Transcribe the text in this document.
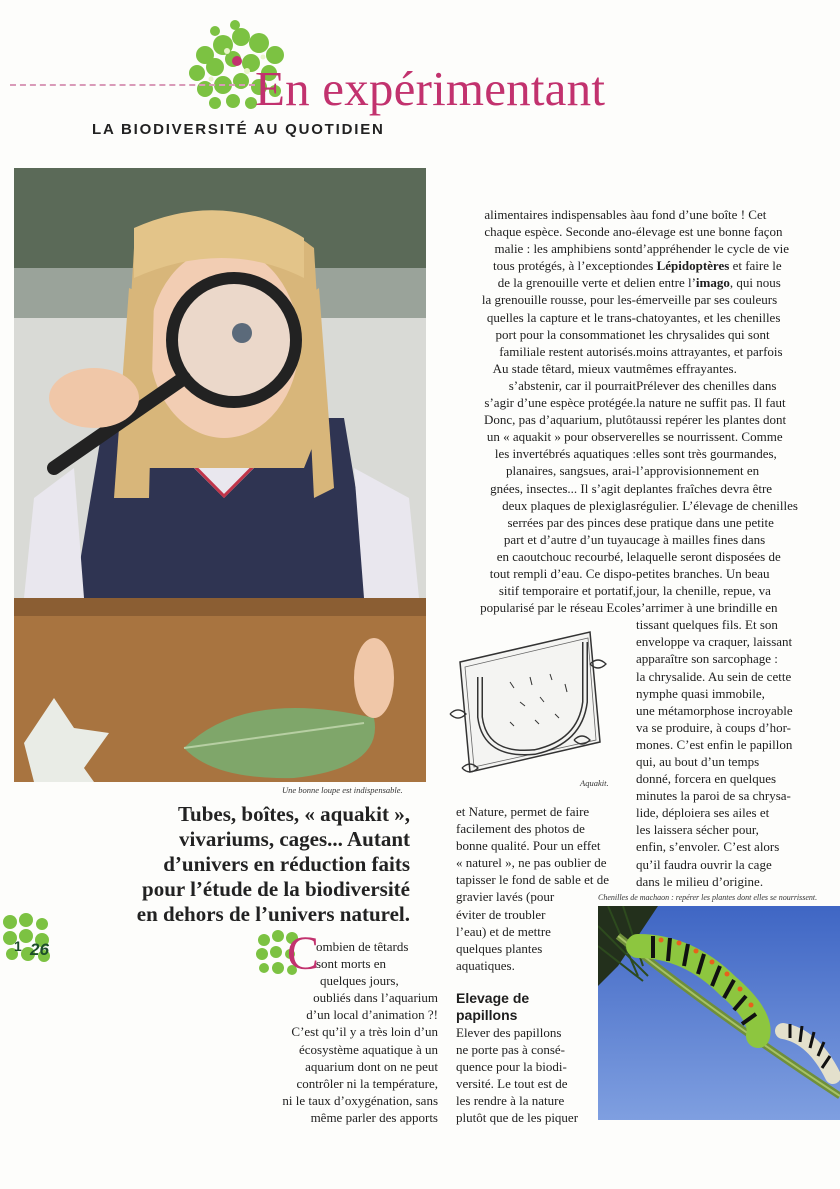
En expérimentant
LA BIODIVERSITÉ AU QUOTIDIEN
Une bonne loupe est indispensable.
Tubes, boîtes, « aquakit », vivariums, cages... Autant d’univers en réduction faits pour l’étude de la biodiversité en dehors de l’univers naturel.
1 26	C

ombien de têtards

sont morts en

quelques jours,

oubliés dans l’aquarium

d’un local d’animation ?!

C’est qu’il y a très loin d’un

écosystème aquatique à un

aquarium dont on ne peut

contrôler ni la température,

ni le taux d’oxygénation, sans

même parler des apports

alimentaires indispensables à

chaque espèce. Seconde ano-

malie : les amphibiens sont

tous protégés, à l’exception

de la grenouille verte et de

la grenouille rousse, pour les-

quelles la capture et le trans-

port pour la consommation

familiale restent autorisés.

Au stade têtard, mieux vaut

s’abstenir, car il pourrait

s’agir d’une espèce protégée.

Donc, pas d’aquarium, plutôt

un « aquakit » pour observer

les invertébrés aquatiques :

planaires, sangsues, arai-

gnées, insectes... Il s’agit de

deux plaques de plexiglas

serrées par des pinces de

part et d’autre d’un tuyau

en caoutchouc recourbé, le

tout rempli d’eau. Ce dispo-

sitif temporaire et portatif,

popularisé par le réseau Ecole

Aquakit.

et Nature, permet de faire

facilement des photos de

bonne qualité. Pour un effet

« naturel », ne pas oublier de

tapisser le fond de sable et de

gravier lavés (pour

éviter de troubler

l’eau) et de mettre

quelques plantes

aquatiques.

Elevage de
papillons

Elever des papillons

ne porte pas à consé-

quence pour la biodi-

versité. Le tout est de

les rendre à la nature

plutôt que de les piquer

au fond d’une boîte ! Cet

élevage est une bonne façon

d’appréhender le cycle de vie

des Lépidoptères et faire le

lien entre l’imago, qui nous

émerveille par ses couleurs

chatoyantes, et les chenilles

et les chrysalides qui sont

moins attrayantes, et parfois

mêmes effrayantes.

Prélever des chenilles dans

la nature ne suffit pas. Il faut

aussi repérer les plantes dont

elles se nourrissent. Comme

elles sont très gourmandes,

l’approvisionnement en

plantes fraîches devra être

régulier. L’élevage de chenilles

se pratique dans une petite

cage à mailles fines dans

laquelle seront disposées de

petites branches. Un beau

jour, la chenille, repue, va

s’arrimer à une brindille en

tissant quelques fils. Et son

enveloppe va craquer, laissant

apparaître son sarcophage :

la chrysalide. Au sein de cette

nymphe quasi immobile,

une métamorphose incroyable

va se produire, à coups d’hor-

mones. C’est enfin le papillon

qui, au bout d’un temps

donné, forcera en quelques

minutes la paroi de sa chrysa-

lide, déploiera ses ailes et

les laissera sécher pour,

enfin, s’envoler. C’est alors

qu’il faudra ouvrir la cage

dans le milieu d’origine.

Chenilles de machaon : repérer les plantes dont elles se nourrissent.
